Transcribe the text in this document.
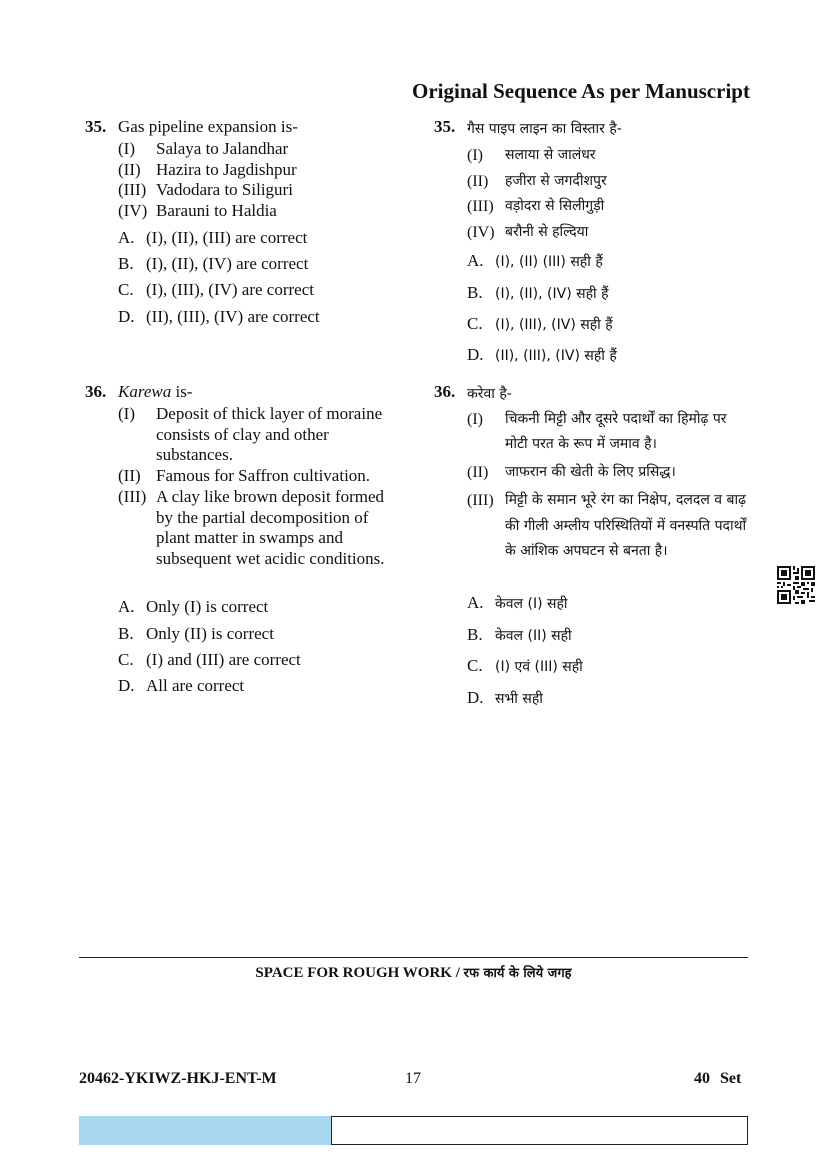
Original Sequence As per Manuscript
35. Gas pipeline expansion is-
(I) Salaya to Jalandhar
(II) Hazira to Jagdishpur
(III) Vadodara to Siliguri
(IV) Barauni to Haldia
A. (I), (II), (III) are correct
B. (I), (II), (IV) are correct
C. (I), (III), (IV) are correct
D. (II), (III), (IV) are correct
35. गैस पाइप लाइन का विस्तार है-
(I) सलाया से जालंधर
(II) हजीरा से जगदीशपुर
(III) वड़ोदरा से सिलीगुड़ी
(IV) बरौनी से हल्दिया
A. (I), (II) (III) सही हैं
B. (I), (II), (IV) सही हैं
C. (I), (III), (IV) सही हैं
D. (II), (III), (IV) सही हैं
36. Karewa is-
(I) Deposit of thick layer of moraine consists of clay and other substances.
(II) Famous for Saffron cultivation.
(III) A clay like brown deposit formed by the partial decomposition of plant matter in swamps and subsequent wet acidic conditions.
A. Only (I) is correct
B. Only (II) is correct
C. (I) and (III) are correct
D. All are correct
36. करेवा है-
(I) चिकनी मिट्टी और दूसरे पदार्थों का हिमोढ़ पर मोटी परत के रूप में जमाव है।
(II) जाफरान की खेती के लिए प्रसिद्ध।
(III) मिट्टी के समान भूरे रंग का निक्षेप, दलदल व बाढ़ की गीली अम्लीय परिस्थितियों में वनस्पति पदार्थों के आंशिक अपघटन से बनता है।
A. केवल (I) सही
B. केवल (II) सही
C. (I) एवं (III) सही
D. सभी सही
SPACE FOR ROUGH WORK / रफ कार्य के लिये जगह
20462-YKIWZ-HKJ-ENT-M	17	40 Set
